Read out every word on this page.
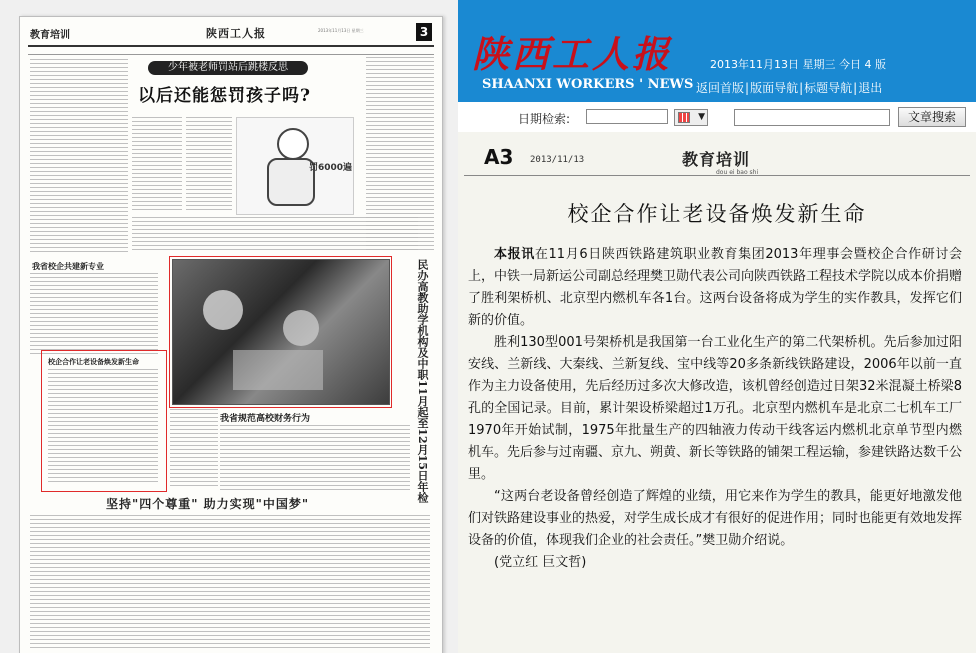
教育培训	陕西工人报	2013年11月13日 星期三	3
少年被老师罚站后跳楼反思
以后还能惩罚孩子吗?
罚6000遍
我省校企共建新专业
校企合作让老设备焕发新生命
我省规范高校财务行为	民办高教助学机构及中职11月起至12月15日年检
坚持"四个尊重" 助力实现"中国梦"
陕西工人报
SHAANXI WORKERS ' NEWS
2013年11月13日 星期三 今日 4 版
返回首版|版面导航|标题导航|退出
日期检索:	▼	文章搜索
A3 2013/11/13	教育培训
dou ei bao shi
校企合作让老设备焕发新生命

本报讯在11月6日陕西铁路建筑职业教育集团2013年理事会暨校企合作研讨会上，中铁一局新运公司副总经理樊卫勋代表公司向陕西铁路工程技术学院以成本价捐赠了胜利架桥机、北京型内燃机车各1台。这两台设备将成为学生的实作教具，发挥它们新的价值。

胜利130型001号架桥机是我国第一台工业化生产的第二代架桥机。先后参加过阳安线、兰新线、大秦线、兰新复线、宝中线等20多条新线铁路建设，2006年以前一直作为主力设备使用，先后经历过多次大修改造，该机曾经创造过日架32米混凝土桥梁8孔的全国记录。目前，累计架设桥梁超过1万孔。北京型内燃机车是北京二七机车工厂1970年开始试制，1975年批量生产的四轴液力传动干线客运内燃机北京单节型内燃机车。先后参与过南疆、京九、朔黄、新长等铁路的铺架工程运输，参建铁路达数千公里。

“这两台老设备曾经创造了辉煌的业绩，用它来作为学生的教具，能更好地激发他们对铁路建设事业的热爱，对学生成长成才有很好的促进作用；同时也能更有效地发挥设备的价值，体现我们企业的社会责任。”樊卫勋介绍说。

(党立红 巨文哲)
